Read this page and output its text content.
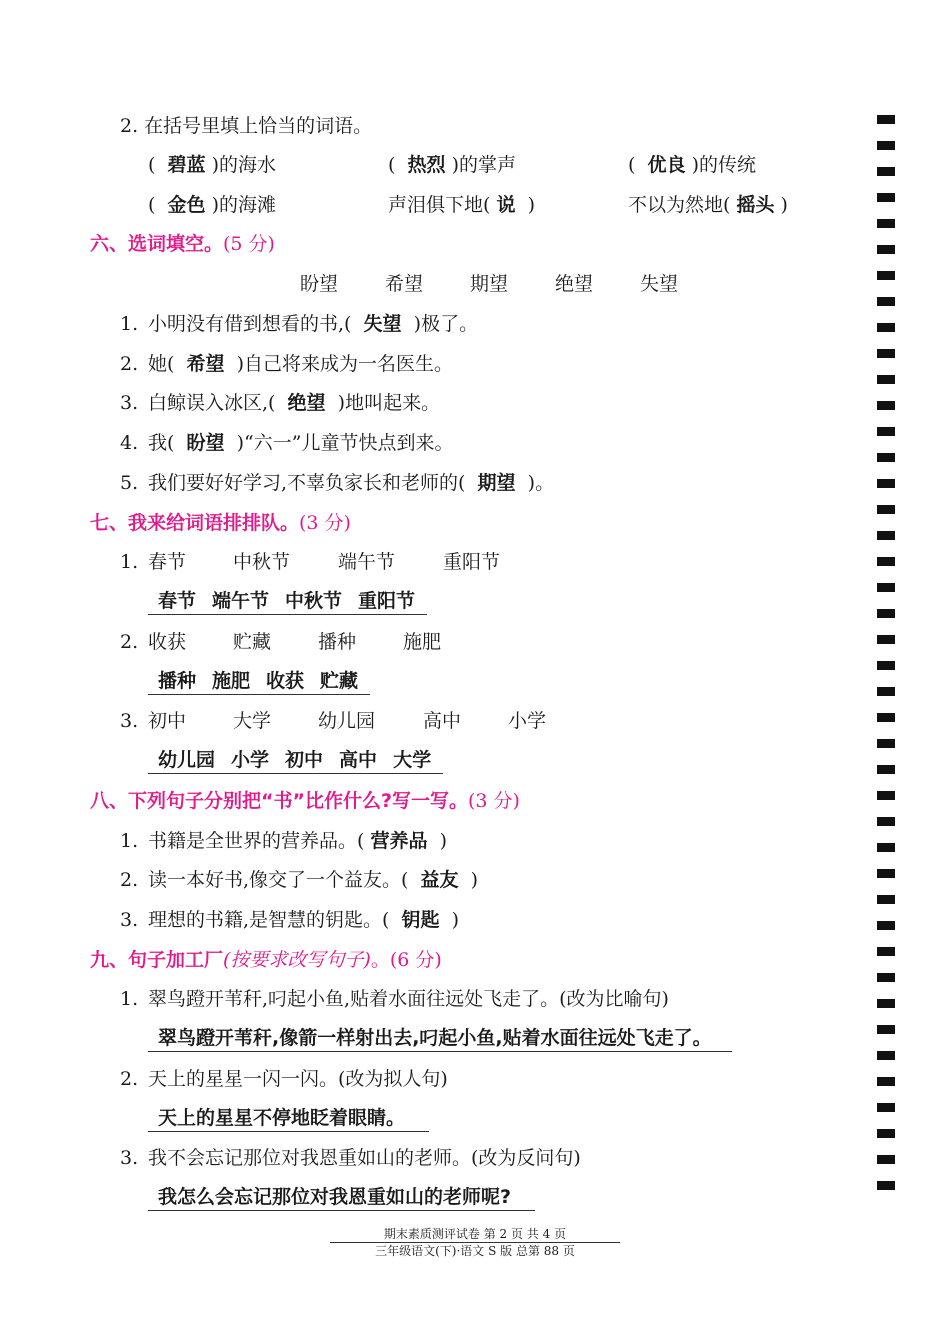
2. 在括号里填上恰当的词语。
(  碧蓝 )的海水	(  热烈 )的掌声	(  优良 )的传统
(  金色 )的海滩	声泪俱下地( 说 )	不以为然地( 摇头 )
六、选词填空。(5 分)
盼望 希望 期望 绝望 失望
1. 小明没有借到想看的书,( 失望 )极了。
2. 她( 希望 )自己将来成为一名医生。
3. 白鲸误入冰区,( 绝望 )地叫起来。
4. 我( 盼望 )“六一”儿童节快点到来。
5. 我们要好好学习,不辜负家长和老师的( 期望 )。
七、我来给词语排排队。(3 分)
1. 春节 中秋节	端午节	重阳节
春节 端午节 中秋节 重阳节
2. 收获 贮藏 播种 施肥
播种 施肥 收获 贮藏
3. 初中 大学 幼儿园	高中 小学
幼儿园 小学 初中 高中 大学
八、下列句子分别把“书”比作什么?写一写。(3 分)
1. 书籍是全世界的营养品。( 营养品 )
2. 读一本好书,像交了一个益友。( 益友 )
3. 理想的书籍,是智慧的钥匙。( 钥匙 )
九、句子加工厂(按要求改写句子)。(6 分)
1. 翠鸟蹬开苇秆,叼起小鱼,贴着水面往远处飞走了。(改为比喻句)
翠鸟蹬开苇秆,像箭一样射出去,叼起小鱼,贴着水面往远处飞走了。
2. 天上的星星一闪一闪。(改为拟人句)
天上的星星不停地眨着眼睛。
3. 我不会忘记那位对我恩重如山的老师。(改为反问句)
我怎么会忘记那位对我恩重如山的老师呢?
期末素质测评试卷 第 2 页 共 4 页
三年级语文(下)·语文 S 版 总第 88 页
